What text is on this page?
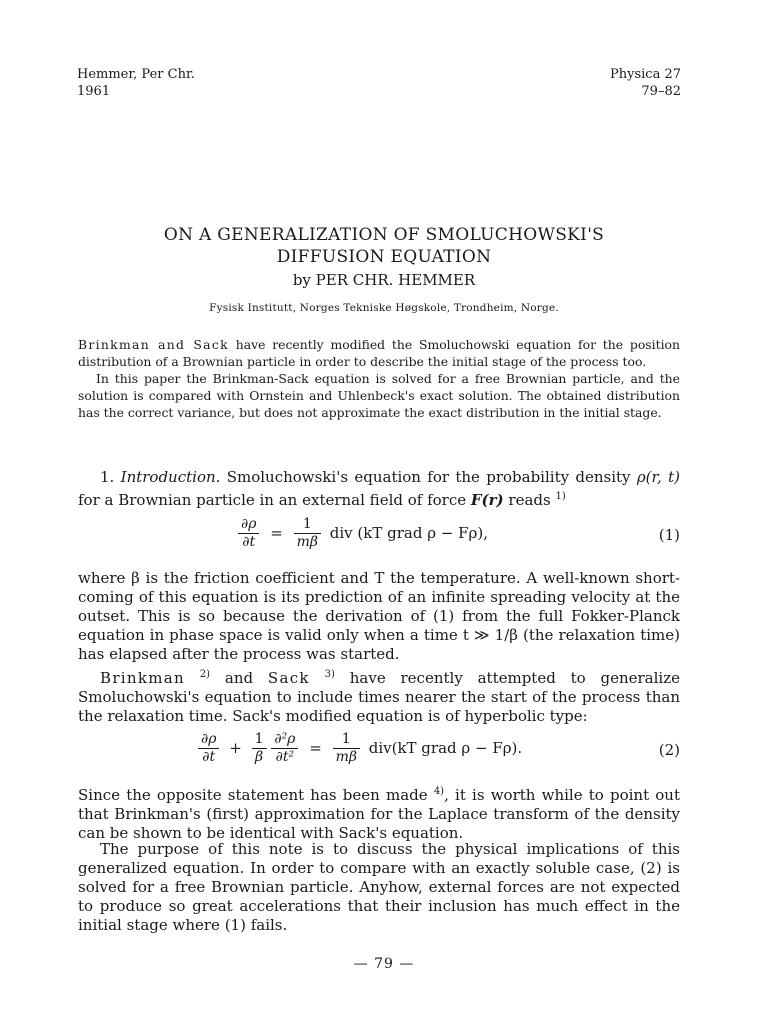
Hemmer, Per Chr.
1961
Physica 27
79–82
ON A GENERALIZATION OF SMOLUCHOWSKI'S
DIFFUSION EQUATION
by PER CHR. HEMMER
Fysisk Institutt, Norges Tekniske Høgskole, Trondheim, Norge.

Brinkman and Sack have recently modified the Smoluchowski equation for the position distribution of a Brownian particle in order to describe the initial stage of the process too.

In this paper the Brinkman-Sack equation is solved for a free Brownian particle, and the solution is compared with Ornstein and Uhlenbeck's exact solution. The obtained distribution has the correct variance, but does not approximate the exact distribution in the initial stage.

1. Introduction. Smoluchowski's equation for the probability density ρ(r, t) for a Brownian particle in an external field of force F(r) reads $^{1)}$

$\frac{\partial\rho}{\partial t} = \frac{1}{m\beta}$ div (kT grad ρ − Fρ),	(1)

where β is the friction coefficient and T the temperature. A well-known short-coming of this equation is its prediction of an infinite spreading velocity at the outset. This is so because the derivation of (1) from the full Fokker-Planck equation in phase space is valid only when a time t ≫ 1/β (the relaxation time) has elapsed after the process was started.

Brinkman $^{2)}$ and Sack $^{3)}$ have recently attempted to generalize Smoluchowski's equation to include times nearer the start of the process than the relaxation time. Sack's modified equation is of hyperbolic type:

$\frac{\partial\rho}{\partial t} + \frac{1}{\beta}$
$\frac{\text{∂²ρ}}{\text{∂t²}} = \frac{1}{m\beta} div(kT$ grad ρ − Fρ).	(2)

Since the opposite statement has been made $^{4)}$, it is worth while to point out that Brinkman's (first) approximation for the Laplace transform of the density can be shown to be identical with Sack's equation.

The purpose of this note is to discuss the physical implications of this generalized equation. In order to compare with an exactly soluble case, (2) is solved for a free Brownian particle. Anyhow, external forces are not expected to produce so great accelerations that their inclusion has much effect in the initial stage where (1) fails.

— 79 —
